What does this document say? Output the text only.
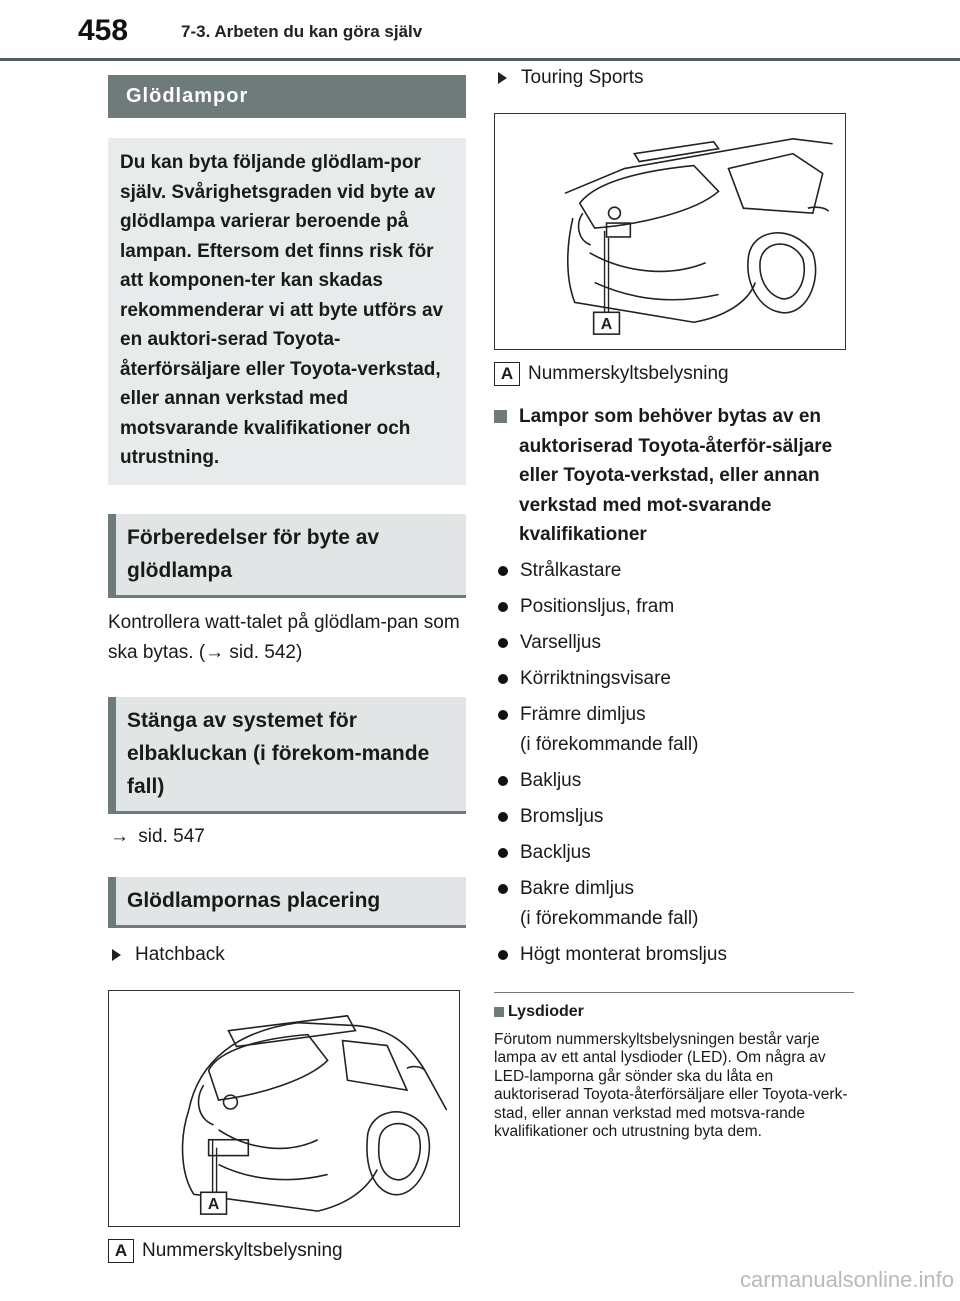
458	7-3. Arbeten du kan göra själv
Glödlampor
Du kan byta följande glödlam-por själv. Svårighetsgraden vid byte av glödlampa varierar beroende på lampan. Eftersom det finns risk för att komponen-ter kan skadas rekommenderar vi att byte utförs av en auktori-serad Toyota-återförsäljare eller Toyota-verkstad, eller annan verkstad med motsvarande kvalifikationer och utrustning.
Förberedelser för byte av glödlampa
Kontrollera watt-talet på glödlam-pan som ska bytas. (→ sid. 542)
Stänga av systemet för elbakluckan (i förekom-mande fall)
→ sid. 547
Glödlampornas placering
Hatchback
A
A Nummerskyltsbelysning
Touring Sports
A
A Nummerskyltsbelysning
Lampor som behöver bytas av en auktoriserad Toyota-återför-säljare eller Toyota-verkstad, eller annan verkstad med mot-svarande kvalifikationer
Strålkastare
Positionsljus, fram
Varselljus
Körriktningsvisare
Främre dimljus
(i förekommande fall)
Bakljus
Bromsljus
Backljus
Bakre dimljus
(i förekommande fall)
Högt monterat bromsljus
Lysdioder
Förutom nummerskyltsbelysningen består varje lampa av ett antal lysdioder (LED). Om några av LED-lamporna går sönder ska du låta en auktoriserad Toyota-återförsäljare eller Toyota-verk-stad, eller annan verkstad med motsva-rande kvalifikationer och utrustning byta dem.
carmanualsonline.info
